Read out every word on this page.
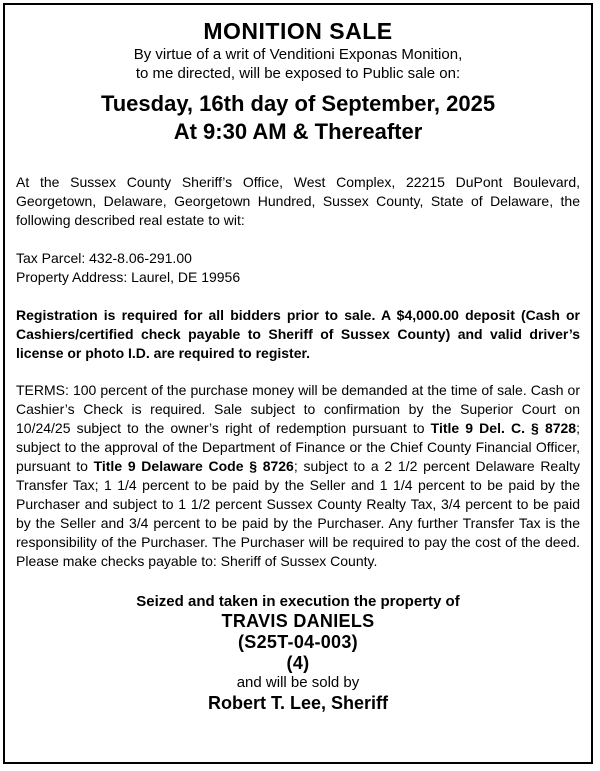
MONITION SALE

By virtue of a writ of Venditioni Exponas Monition,

to me directed, will be exposed to Public sale on:

Tuesday, 16th day of September, 2025

At 9:30 AM & Thereafter

At the Sussex County Sheriff’s Office, West Complex, 22215 DuPont Boulevard, Georgetown, Delaware, Georgetown Hundred, Sussex County, State of Delaware, the following described real estate to wit:

Tax Parcel: 432-8.06-291.00

Property Address: Laurel, DE 19956

Registration is required for all bidders prior to sale. A $4,000.00 deposit (Cash or Cashiers/certified check payable to Sheriff of Sussex County) and valid driver’s license or photo I.D. are required to register.

TERMS: 100 percent of the purchase money will be demanded at the time of sale. Cash or Cashier’s Check is required. Sale subject to confirmation by the Superior Court on 10/24/25 subject to the owner’s right of redemption pursuant to Title 9 Del. C. § 8728; subject to the approval of the Department of Finance or the Chief County Financial Officer, pursuant to Title 9 Delaware Code § 8726; subject to a 2 1/2 percent Delaware Realty Transfer Tax; 1 1/4 percent to be paid by the Seller and 1 1/4 percent to be paid by the Purchaser and subject to 1 1/2 percent Sussex County Realty Tax, 3/4 percent to be paid by the Seller and 3/4 percent to be paid by the Purchaser. Any further Transfer Tax is the responsibility of the Purchaser. The Purchaser will be required to pay the cost of the deed. Please make checks payable to: Sheriff of Sussex County.

Seized and taken in execution the property of

TRAVIS DANIELS

(S25T-04-003)

(4)

and will be sold by

Robert T. Lee, Sheriff
